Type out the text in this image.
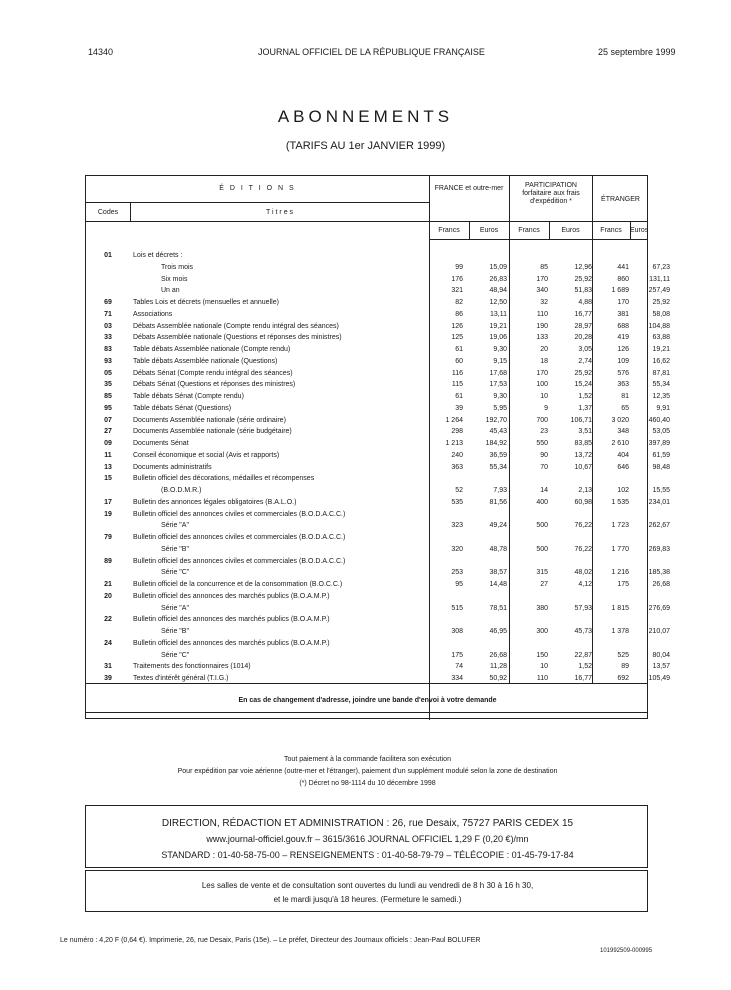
14340	JOURNAL OFFICIEL DE LA RÉPUBLIQUE FRANÇAISE	25 septembre 1999
ABONNEMENTS
(TARIFS AU 1er JANVIER 1999)
É D I T I O N S
Codes	T i t r e s
FRANCE et outre-mer	PARTICIPATION forfaitaire aux frais d'expédition *	ÉTRANGER
Francs	Euros	Francs	Euros	Francs	Euros
01	Lois et décrets :
Trois mois	99	15,09	85	12,96	441	67,23
Six mois	176	26,83	170	25,92	860	131,11
Un an	321	48,94	340	51,83	1 689	257,49
69	Tables Lois et décrets (mensuelles et annuelle)	82	12,50	32	4,88	170	25,92
71	Associations	86	13,11	110	16,77	381	58,08
03	Débats Assemblée nationale (Compte rendu intégral des séances)	126	19,21	190	28,97	688	104,88
33	Débats Assemblée nationale (Questions et réponses des ministres)	125	19,06	133	20,28	419	63,88
83	Table débats Assemblée nationale (Compte rendu)	61	9,30	20	3,05	126	19,21
93	Table débats Assemblée nationale (Questions)	60	9,15	18	2,74	109	16,62
05	Débats Sénat (Compte rendu intégral des séances)	116	17,68	170	25,92	576	87,81
35	Débats Sénat (Questions et réponses des ministres)	115	17,53	100	15,24	363	55,34
85	Table débats Sénat (Compte rendu)	61	9,30	10	1,52	81	12,35
95	Table débats Sénat (Questions)	39	5,95	9	1,37	65	9,91
07	Documents Assemblée nationale (série ordinaire)	1 264	192,70	700	106,71	3 020	460,40
27	Documents Assemblée nationale (série budgétaire)	298	45,43	23	3,51	348	53,05
09	Documents Sénat	1 213	184,92	550	83,85	2 610	397,89
11	Conseil économique et social (Avis et rapports)	240	36,59	90	13,72	404	61,59
13	Documents administratifs	363	55,34	70	10,67	646	98,48
15	Bulletin officiel des décorations, médailles et récompenses
(B.O.D.M.R.)	52	7,93	14	2,13	102	15,55
17	Bulletin des annonces légales obligatoires (B.A.L.O.)	535	81,56	400	60,98	1 535	234,01
19	Bulletin officiel des annonces civiles et commerciales (B.O.D.A.C.C.)
Série "A"	323	49,24	500	76,22	1 723	262,67
79	Bulletin officiel des annonces civiles et commerciales (B.O.D.A.C.C.)
Série "B"	320	48,78	500	76,22	1 770	269,83
89	Bulletin officiel des annonces civiles et commerciales (B.O.D.A.C.C.)
Série "C"	253	38,57	315	48,02	1 216	185,38
21	Bulletin officiel de la concurrence et de la consommation (B.O.C.C.)	95	14,48	27	4,12	175	26,68
20	Bulletin officiel des annonces des marchés publics (B.O.A.M.P.)
Série "A"	515	78,51	380	57,93	1 815	276,69
22	Bulletin officiel des annonces des marchés publics (B.O.A.M.P.)
Série "B"	308	46,95	300	45,73	1 378	210,07
24	Bulletin officiel des annonces des marchés publics (B.O.A.M.P.)
Série "C"	175	26,68	150	22,87	525	80,04
31	Traitements des fonctionnaires (1014)	74	11,28	10	1,52	89	13,57
39	Textes d'intérêt général (T.I.G.)	334	50,92	110	16,77	692	105,49
En cas de changement d'adresse, joindre une bande d'envoi à votre demande
Tout paiement à la commande facilitera son exécution
Pour expédition par voie aérienne (outre-mer et l'étranger), paiement d'un supplément modulé selon la zone de destination
(*) Décret no 98-1114 du 10 décembre 1998
DIRECTION, RÉDACTION ET ADMINISTRATION : 26, rue Desaix, 75727 PARIS CEDEX 15
www.journal-officiel.gouv.fr – 3615/3616 JOURNAL OFFICIEL 1,29 F (0,20 €)/mn
STANDARD : 01-40-58-75-00 – RENSEIGNEMENTS : 01-40-58-79-79 – TÉLÉCOPIE : 01-45-79-17-84
Les salles de vente et de consultation sont ouvertes du lundi au vendredi de 8 h 30 à 16 h 30,
et le mardi jusqu'à 18 heures. (Fermeture le samedi.)
Le numéro : 4,20 F (0,64 €). Imprimerie, 26, rue Desaix, Paris (15e). – Le préfet, Directeur des Journaux officiels : Jean-Paul BOLUFER
101992509-000995
